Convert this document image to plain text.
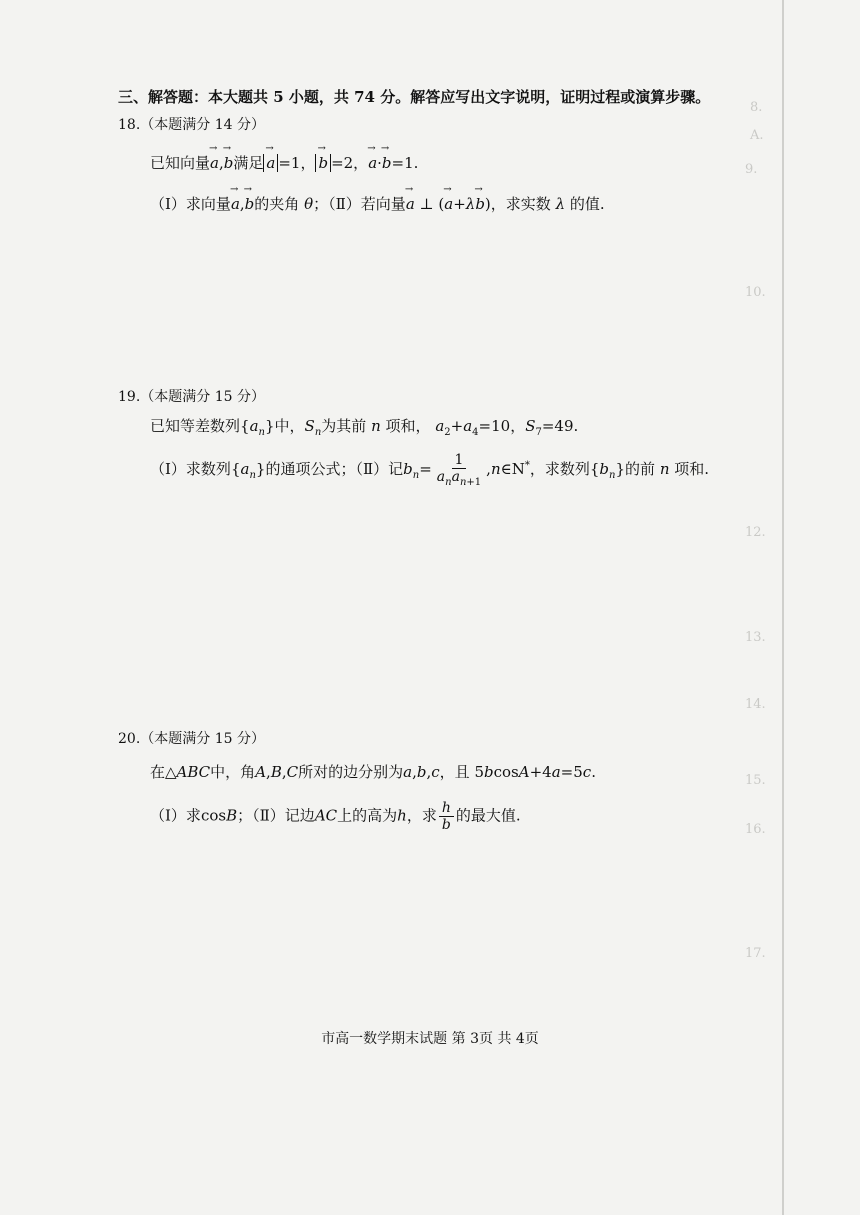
8.
A.
9.
10.
12.
13.
14.
15.
16.
17.
三、解答题：本大题共 5 小题，共 74 分。解答应写出文字说明，证明过程或演算步骤。
18.（本题满分 14 分）
已知向量→ a,→ b满足 → a =1， → b =2，→ a·→ b=1.
（Ⅰ）求向量→ a,→ b的夹角 θ；（Ⅱ）若向量→ a ⊥ (→ a+λ→ b)，求实数 λ 的值.
19.（本题满分 15 分）
已知等差数列$\{a_n\}$中，$S_n$为其前 n 项和， $a_2+a_4=10$，$S_7=49$.
（Ⅰ）求数列$\{a_n\}$的通项公式；（Ⅱ）记$b_n= \frac{1}{a_na_{n+1}}$ ,n∈N*，求数列$\{b_n\}$的前 n 项和.
20.（本题满分 15 分）
在△ABC中，角A,B,C所对的边分别为a,b,c，且 5bcosA+4a=5c.
（Ⅰ）求cosB；（Ⅱ）记边AC上的高为h，求 $\frac{h}{b}$ 的最大值.
市高一数学期末试题 第 3页 共 4页
